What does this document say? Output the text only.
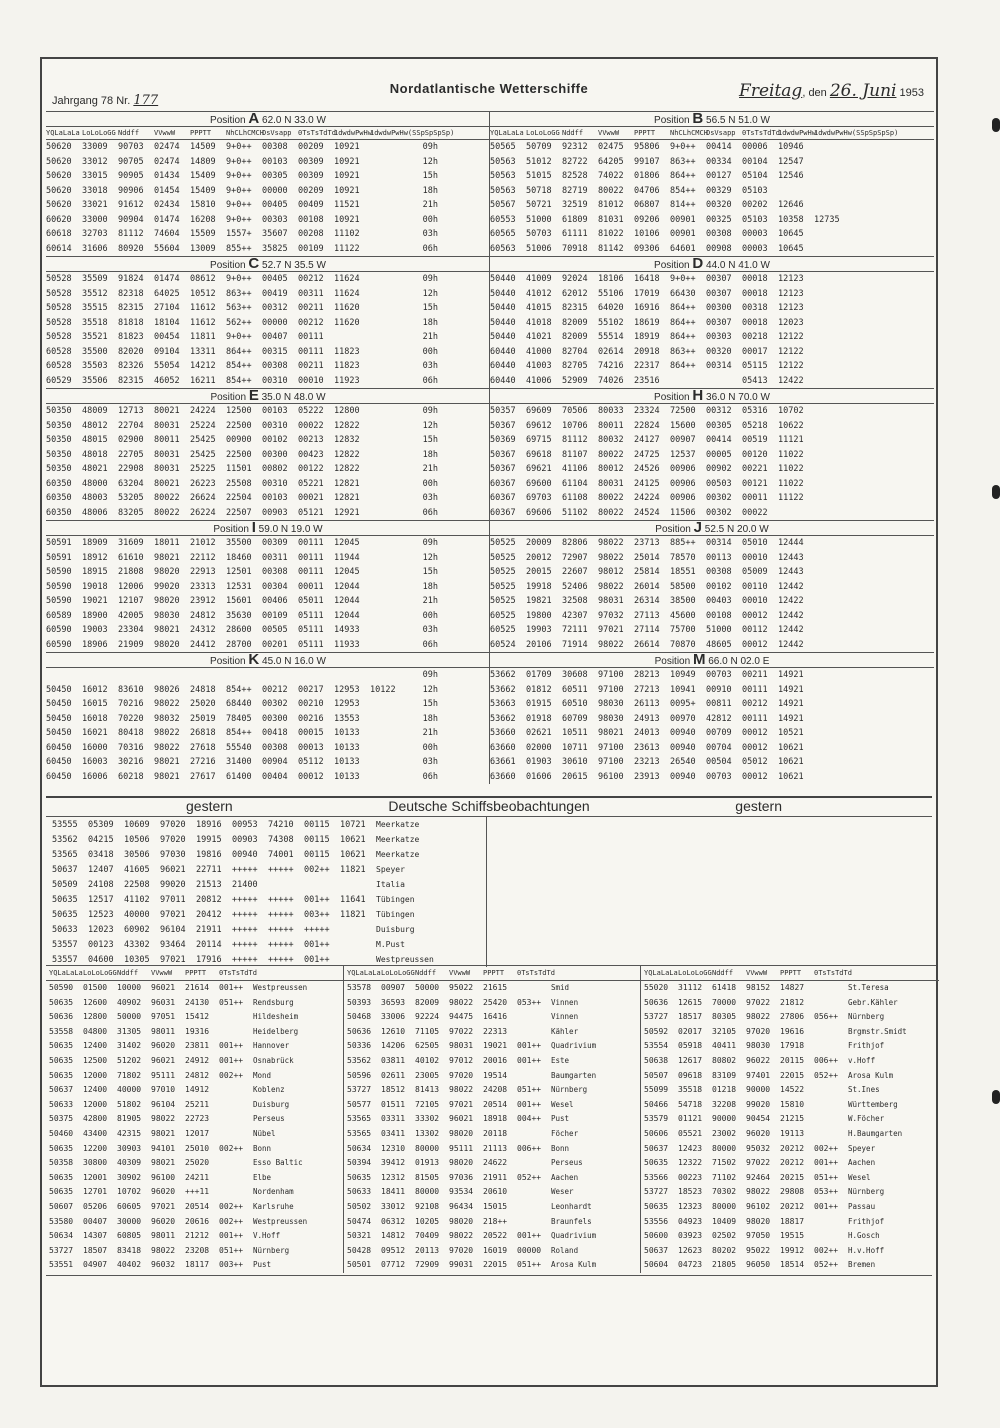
Jahrgang 78 Nr. 177
Nordatlantische Wetterschiffe	Freitag, den 26. Juni 1953
Position A 62.0 N 33.0 W
YQLaLaLa LoLoLoGG Nddff VVwwW PPPTT NhCLhCMCHDsVsapp 0TsTsTdTd1dwdwPwHw1dwdwPwHw(SSpSpSpSp)
50620 33009 90703 02474 14509 9+0++ 00308 00209 10921	09h
50620 33012 90705 02474 14809 9+0++ 00103 00309 10921	12h
50620 33015 90905 01434 15409 9+0++ 00305 00309 10921	15h
50620 33018 90906 01454 15409 9+0++ 00000 00209 10921	18h
50620 33021 91612 02434 15810 9+0++ 00405 00409 11521	21h
60620 33000 90904 01474 16208 9+0++ 00303 00108 10921	00h
60618 32703 81112 74604 15509 1557+ 35607 00208 11102	03h
60614 31606 80920 55604 13009 855++ 35825 00109 11122	06h
Position C 52.7 N 35.5 W
50528 35509 91824 01474 08612 9+0++ 00405 00212 11624	09h
50528 35512 82318 64025 10512 863++ 00419 00311 11624	12h
50528 35515 82315 27104 11612 563++ 00312 00211 11620	15h
50528 35518 81818 18104 11612 562++ 00000 00212 11620	18h
50528 35521 81823 00454 11811 9+0++ 00407 00111	21h
60528 35500 82020 09104 13311 864++ 00315 00111 11823	00h
60528 35503 82326 55054 14212 854++ 00308 00211 11823	03h
60529 35506 82315 46052 16211 854++ 00310 00010 11923	06h
Position E 35.0 N 48.0 W
50350 48009 12713 80021 24224 12500 00103 05222 12800	09h
50350 48012 22704 80031 25224 22500 00310 00022 12822	12h
50350 48015 02900 80011 25425 00900 00102 00213 12832	15h
50350 48018 22705 80031 25425 22500 00300 00423 12822	18h
50350 48021 22908 80031 25225 11501 00802 00122 12822	21h
60350 48000 63204 80021 26223 25508 00310 05221 12821	00h
60350 48003 53205 80022 26624 22504 00103 00021 12821	03h
60350 48006 83205 80022 26224 22507 00903 05121 12921	06h
Position I 59.0 N 19.0 W
50591 18909 31609 18011 21012 35500 00309 00111 12045	09h
50591 18912 61610 98021 22112 18460 00311 00111 11944	12h
50590 18915 21808 98020 22913 12501 00308 00111 12045	15h
50590 19018 12006 99020 23313 12531 00304 00011 12044	18h
50590 19021 12107 98020 23912 15601 00406 05011 12044	21h
60589 18900 42005 98030 24812 35630 00109 05111 12044	00h
60590 19003 23304 98021 24312 28600 00505 05111 14933	03h
60590 18906 21909 98020 24412 28700 00201 05111 11933	06h
Position K 45.0 N 16.0 W
09h
50450 16012 83610 98026 24818 854++ 00212 00217 12953 10122	12h
50450 16015 70216 98022 25020 68440 00302 00210 12953	15h
50450 16018 70220 98032 25019 78405 00300 00216 13553	18h
50450 16021 80418 98022 26818 854++ 00418 00015 10133	21h
60450 16000 70316 98022 27618 55540 00308 00013 10133	00h
60450 16003 30216 98021 27216 31400 00904 05112 10133	03h
60450 16006 60218 98021 27617 61400 00404 00012 10133	06h
Position B 56.5 N 51.0 W
YQLaLaLa LoLoLoGG Nddff VVwwW PPPTT NhCLhCMCHDsVsapp 0TsTsTdTd1dwdwPwHw1dwdwPwHw(SSpSpSpSp)
50565 50709 92312 02475 95806 9+0++ 00414 00006 10946
50563 51012 82722 64205 99107 863++ 00334 00104 12547
50563 51015 82528 74022 01806 864++ 00127 05104 12546
50563 50718 82719 80022 04706 854++ 00329 05103
50567 50721 32519 81012 06807 814++ 00320 00202 12646
60553 51000 61809 81031 09206 00901 00325 05103 10358 12735
60565 50703 61111 81022 10106 00901 00308 00003 10645
60563 51006 70918 81142 09306 64601 00908 00003 10645
Position D 44.0 N 41.0 W
50440 41009 92024 18106 16418 9+0++ 00307 00018 12123
50440 41012 62012 55106 17019 66430 00307 00018 12123
50440 41015 82315 64020 16916 864++ 00300 00318 12123
50440 41018 82009 55102 18619 864++ 00307 00018 12023
50440 41021 82009 55514 18919 864++ 00303 00218 12122
60440 41000 82704 02614 20918 863++ 00320 00017 12122
60440 41003 82705 74216 22317 864++ 00314 05115 12122
60440 41006 52909 74026 23516	05413 12422
Position H 36.0 N 70.0 W
50357 69609 70506 80033 23324 72500 00312 05316 10702
50367 69612 10706 80011 22824 15600 00305 05218 10622
50369 69715 81112 80032 24127 00907 00414 00519 11121
50367 69618 81107 80022 24725 12537 00005 00120 11022
50367 69621 41106 80012 24526 00906 00902 00221 11022
60367 69600 61104 80031 24125 00906 00503 00121 11022
60367 69703 61108 80022 24224 00906 00302 00011 11122
60367 69606 51102 80022 24524 11506 00302 00022
Position J 52.5 N 20.0 W
50525 20009 82806 98022 23713 885++ 00314 05010 12444
50525 20012 72907 98022 25014 78570 00113 00010 12443
50525 20015 22607 98012 25814 18551 00308 05009 12443
50525 19918 52406 98022 26014 58500 00102 00110 12442
50525 19821 32508 98031 26314 38500 00403 00010 12422
60525 19800 42307 97032 27113 45600 00108 00012 12442
60525 19903 72111 97021 27114 75700 51000 00112 12442
60524 20106 71914 98022 26614 70870 48605 00012 12442
Position M 66.0 N 02.0 E
53662 01709 30608 97100 28213 10949 00703 00211 14921
53662 01812 60511 97100 27213 10941 00910 00111 14921
53663 01915 60510 98030 26113 0095+ 00811 00212 14921
53662 01918 60709 98030 24913 00970 42812 00111 14921
53660 02621 10511 98021 24013 00940 00709 00012 10521
63660 02000 10711 97100 23613 00940 00704 00012 10621
63661 01903 30610 97100 23213 26540 00504 05012 10621
63660 01606 20615 96100 23913 00940 00703 00012 10621
gestern	Deutsche Schiffsbeobachtungen	gestern
53555 05309 10609 97020 18916 00953 74210 00115 10721 Meerkatze
53562 04215 10506 97020 19915 00903 74308 00115 10621 Meerkatze
53565 03418 30506 97030 19816 00940 74001 00115 10621 Meerkatze
50637 12407 41605 96021 22711 +++++ +++++ 002++ 11821 Speyer
50509 24108 22508 99020 21513 21400	Italia
50635 12517 41102 97011 20812 +++++ +++++ 001++ 11641 Tübingen
50635 12523 40000 97021 20412 +++++ +++++ 003++ 11821 Tübingen
50633 12023 60902 96104 21911 +++++ +++++ +++++	Duisburg
53557 00123 43302 93464 20114 +++++ +++++ 001++	M.Pust
53557 04600 10305 97021 17916 +++++ +++++ 001++	Westpreussen
YQLaLaLaLoLoLoGGNddff VVwwW PPPTT 0TsTsTdTd
50590 01500 10000 96021 21614 001++ Westpreussen
50635 12600 40902 96031 24130 051++ Rendsburg
50636 12800 50000 97051 15412	Hildesheim
53558 04800 31305 98011 19316	Heidelberg
50635 12400 31402 96020 23811 001++ Hannover
50635 12500 51202 96021 24912 001++ Osnabrück
50635 12000 71802 95111 24812 002++ Mond
50637 12400 40000 97010 14912	Koblenz
50633 12000 51802 96104 25211	Duisburg
50375 42800 81905 98022 22723	Perseus
50460 43400 42315 98021 12017	Nübel
50635 12200 30903 94101 25010 002++ Bonn
50358 30800 40309 98021 25020	Esso Baltic
50635 12001 30902 96100 24211	Elbe
50635 12701 10702 96020 +++11	Nordenham
50607 05206 60605 97021 20514 002++ Karlsruhe
53580 00407 30000 96020 20616 002++ Westpreussen
50634 14307 60805 98011 21212 001++ V.Hoff
53727 18507 83418 98022 23208 051++ Nürnberg
53551 04907 40402 96032 18117 003++ Pust
YQLaLaLaLoLoLoGGNddff VVwwW PPPTT 0TsTsTdTd
53578 00907 50000 95022 21615	Smid
50393 36593 82009 98022 25420 053++ Vinnen
50468 33006 92224 94475 16416	Vinnen
50636 12610 71105 97022 22313	Kähler
50336 14206 62505 98031 19021 001++ Quadrivium
53562 03811 40102 97012 20016 001++ Este
50596 02611 23005 97020 19514	Baumgarten
53727 18512 81413 98022 24208 051++ Nürnberg
50577 01511 72105 97021 20514 001++ Wesel
53565 03311 33302 96021 18918 004++ Pust
53565 03411 13302 98020 20118	Föcher
50634 12310 80000 95111 21113 006++ Bonn
50394 39412 01913 98020 24622	Perseus
50635 12312 81505 97036 21911 052++ Aachen
50633 18411 80000 93534 20610	Weser
50502 33012 92108 96434 15015	Leonhardt
50474 06312 10205 98020 218++	Braunfels
50321 14812 70409 98022 20522 001++ Quadrivium
50428 09512 20113 97020 16019 00000 Roland
50501 07712 72909 99031 22015 051++ Arosa Kulm
YQLaLaLaLoLoLoGGNddff VVwwW PPPTT 0TsTsTdTd
55020 31112 61418 98152 14827	St.Teresa
50636 12615 70000 97022 21812	Gebr.Kähler
53727 18517 80305 98022 27806 056++ Nürnberg
50592 02017 32105 97020 19616	Brgmstr.Smidt
53554 05918 40411 98030 17918	Frithjof
50638 12617 80802 96022 20115 006++ v.Hoff
50507 09618 83109 97401 22015 052++ Arosa Kulm
55099 35518 01218 90000 14522	St.Ines
50466 54718 32208 99020 15810	Württemberg
53579 01121 90000 90454 21215	W.Föcher
50606 05521 23002 96020 19113	H.Baumgarten
50637 12423 80000 95032 20212 002++ Speyer
50635 12322 71502 97022 20212 001++ Aachen
53566 00223 71102 92464 20215 051++ Wesel
53727 18523 70302 98022 29808 053++ Nürnberg
50635 12323 80000 96102 20212 001++ Passau
53556 04923 10409 98020 18817	Frithjof
50600 03923 02502 97050 19515	H.Gosch
50637 12623 80202 95022 19912 002++ H.v.Hoff
50604 04723 21805 96050 18514 052++ Bremen
